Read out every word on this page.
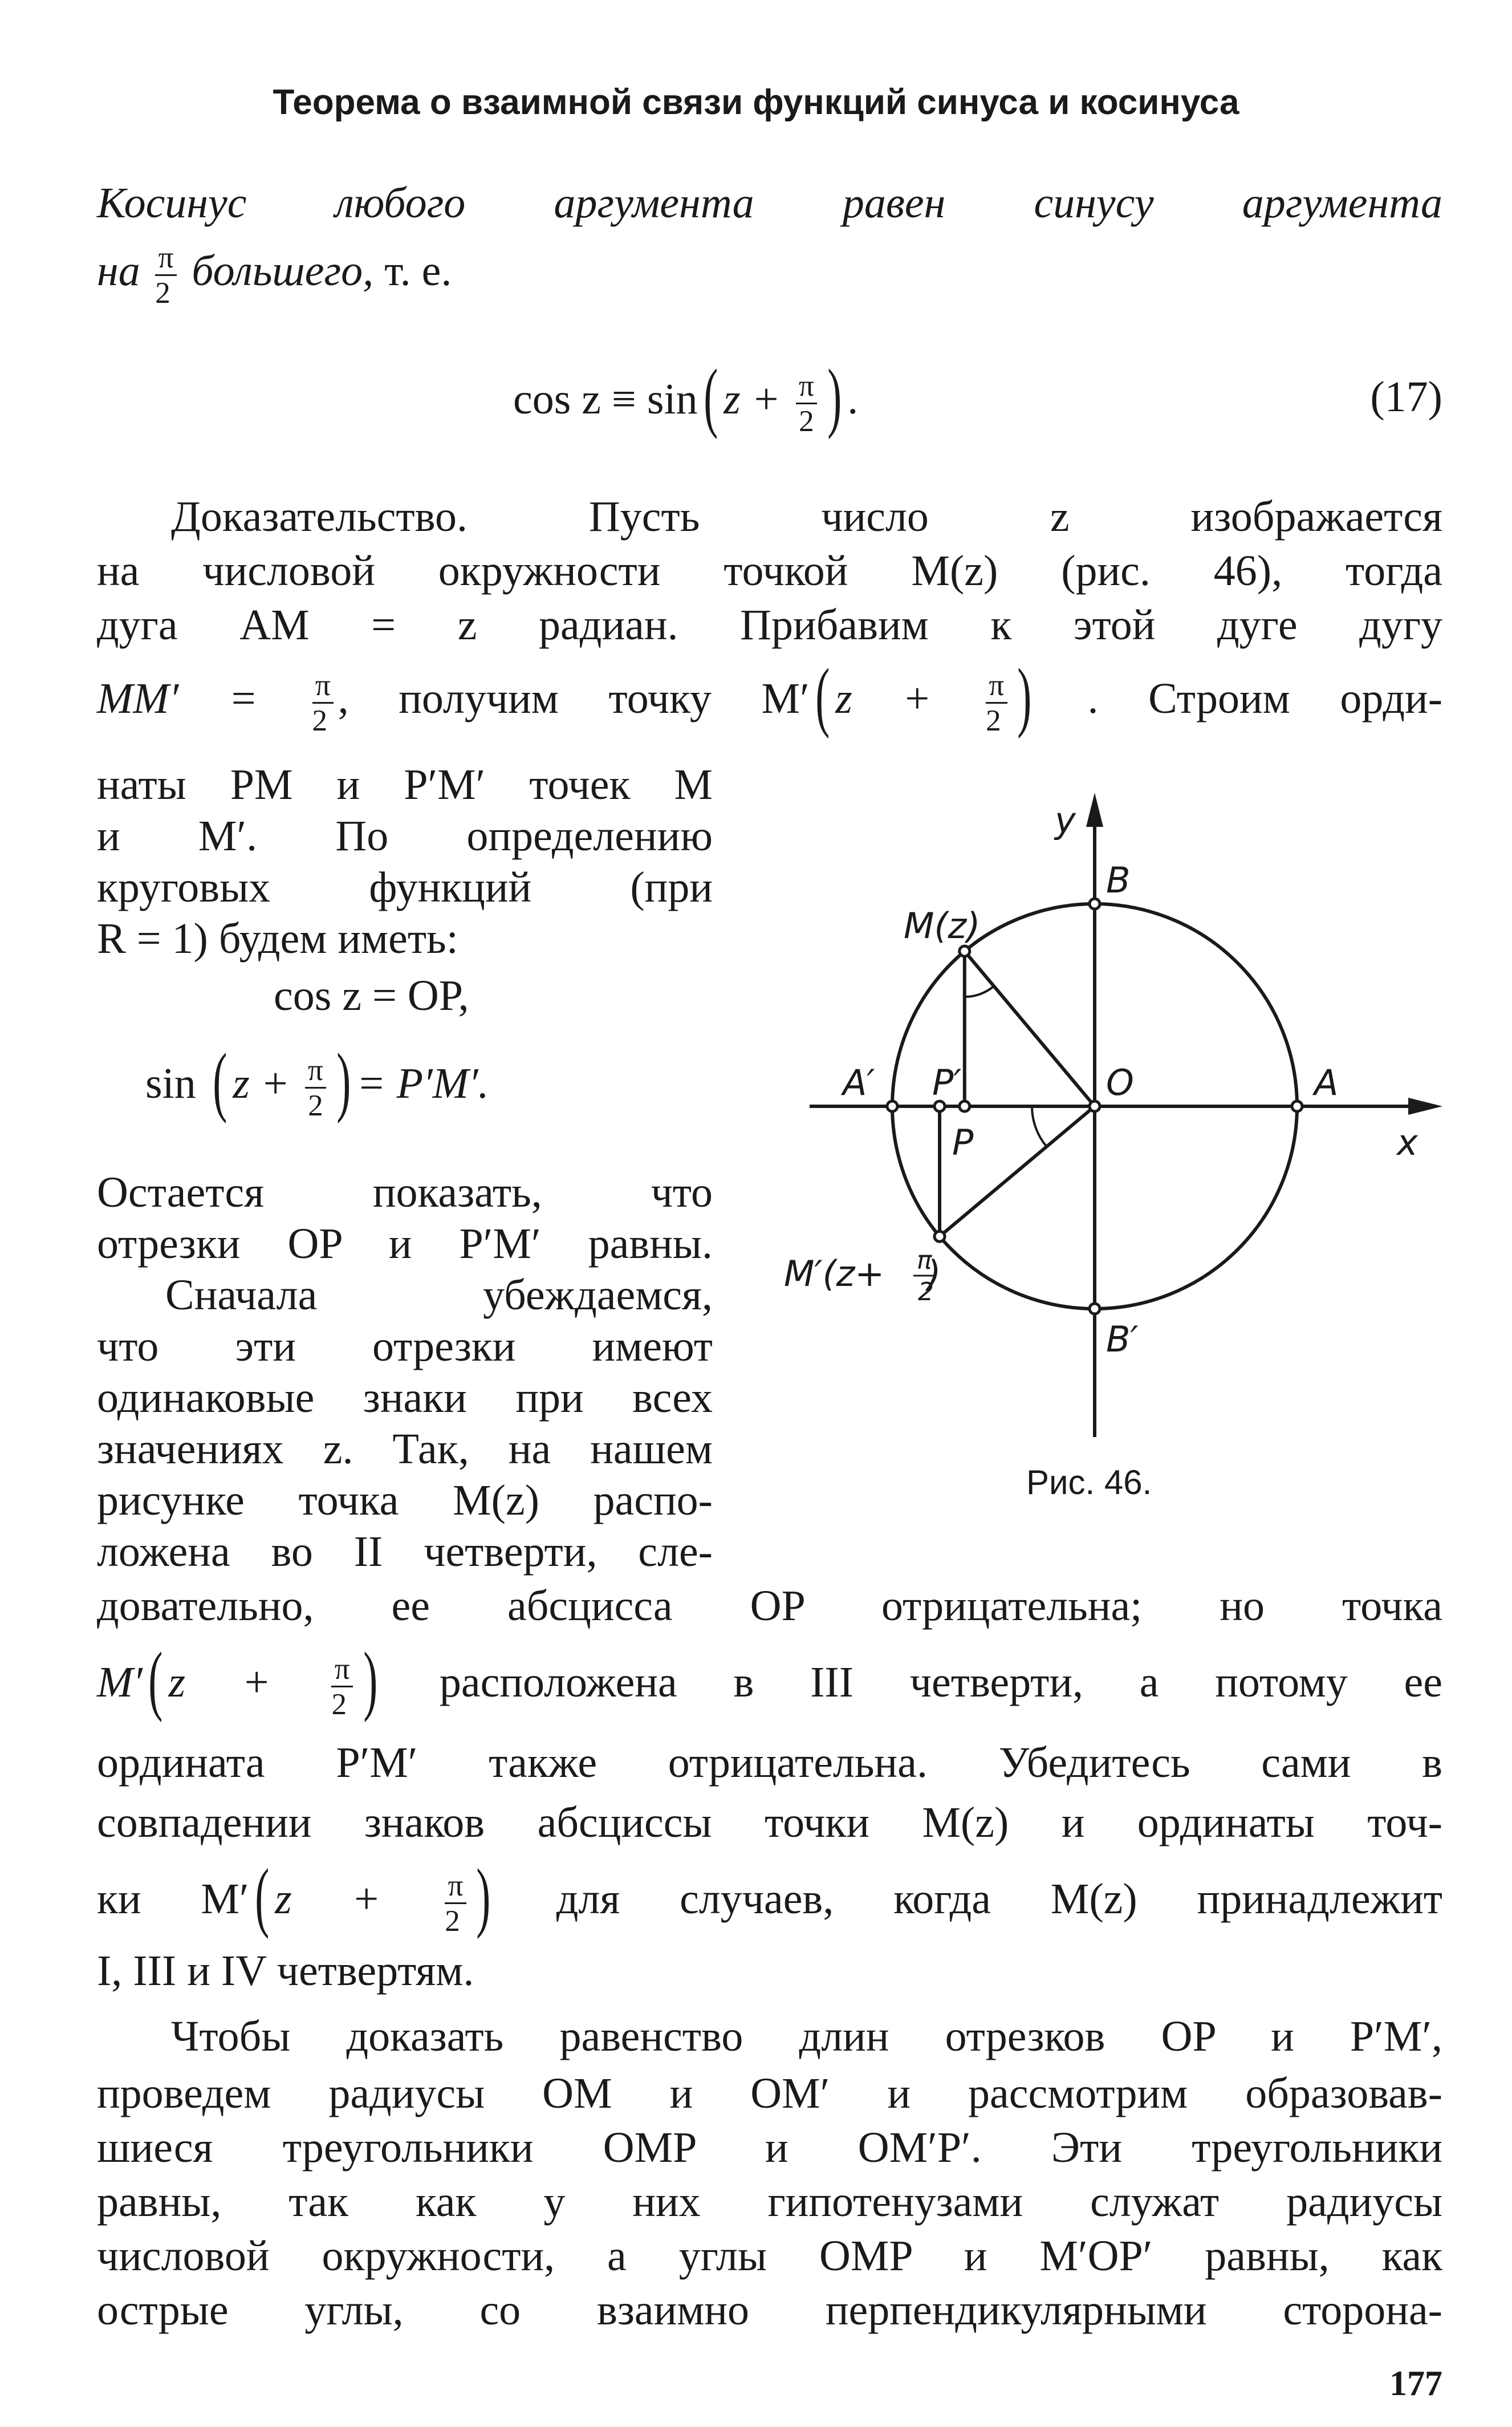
Теорема о взаимной связи функций синуса и косинуса
Косинус любого аргумента равен синусу аргумента
на $\frac{\pi}{2}$ большего, т. е.
cos z ≡ sin( $z + \frac{\pi}{2}$ ) .	(17)
Доказательство. Пусть число z изображается
на числовой окружности точкой M(z) (рис. 46), тогда
дуга AM = z радиан. Прибавим к этой дуге дугу
$MM' = \frac{\pi}{2}$ , получим точку M′( $z + \frac{\pi}{2}$ ) . Строим орди-
наты PM и P′M′ точек M
и M′. По определению
круговых функций (при
R = 1) будем иметь:
cos z = OP,
sin ( $z + \frac{\pi}{2}$ ) = P′M′.
Остается показать, что
отрезки OP и P′M′ равны.
Сначала убеждаемся,
что эти отрезки имеют
одинаковые знаки при всех
значениях z. Так, на нашем
рисунке точка M(z) распо-
ложена во II четверти, сле-
y
x
B
B′
A
A′	O
P
P′
M(z)
M′(z+ )
π
2
Рис. 46.
довательно, ее абсцисса OP отрицательна; но точка
M′( $z + \frac{\pi}{2}$ ) расположена в III четверти, а потому ее
ордината P′M′ также отрицательна. Убедитесь сами в
совпадении знаков абсциссы точки M(z) и ординаты точ-
ки M′( $z + \frac{\pi}{2}$ ) для случаев, когда M(z) принадлежит
I, III и IV четвертям.
Чтобы доказать равенство длин отрезков OP и P′M′,
проведем радиусы OM и OM′ и рассмотрим образовав-
шиеся треугольники OMP и OM′P′. Эти треугольники
равны, так как у них гипотенузами служат радиусы
числовой окружности, а углы OMP и M′OP′ равны, как
острые углы, со взаимно перпендикулярными сторона-
177
